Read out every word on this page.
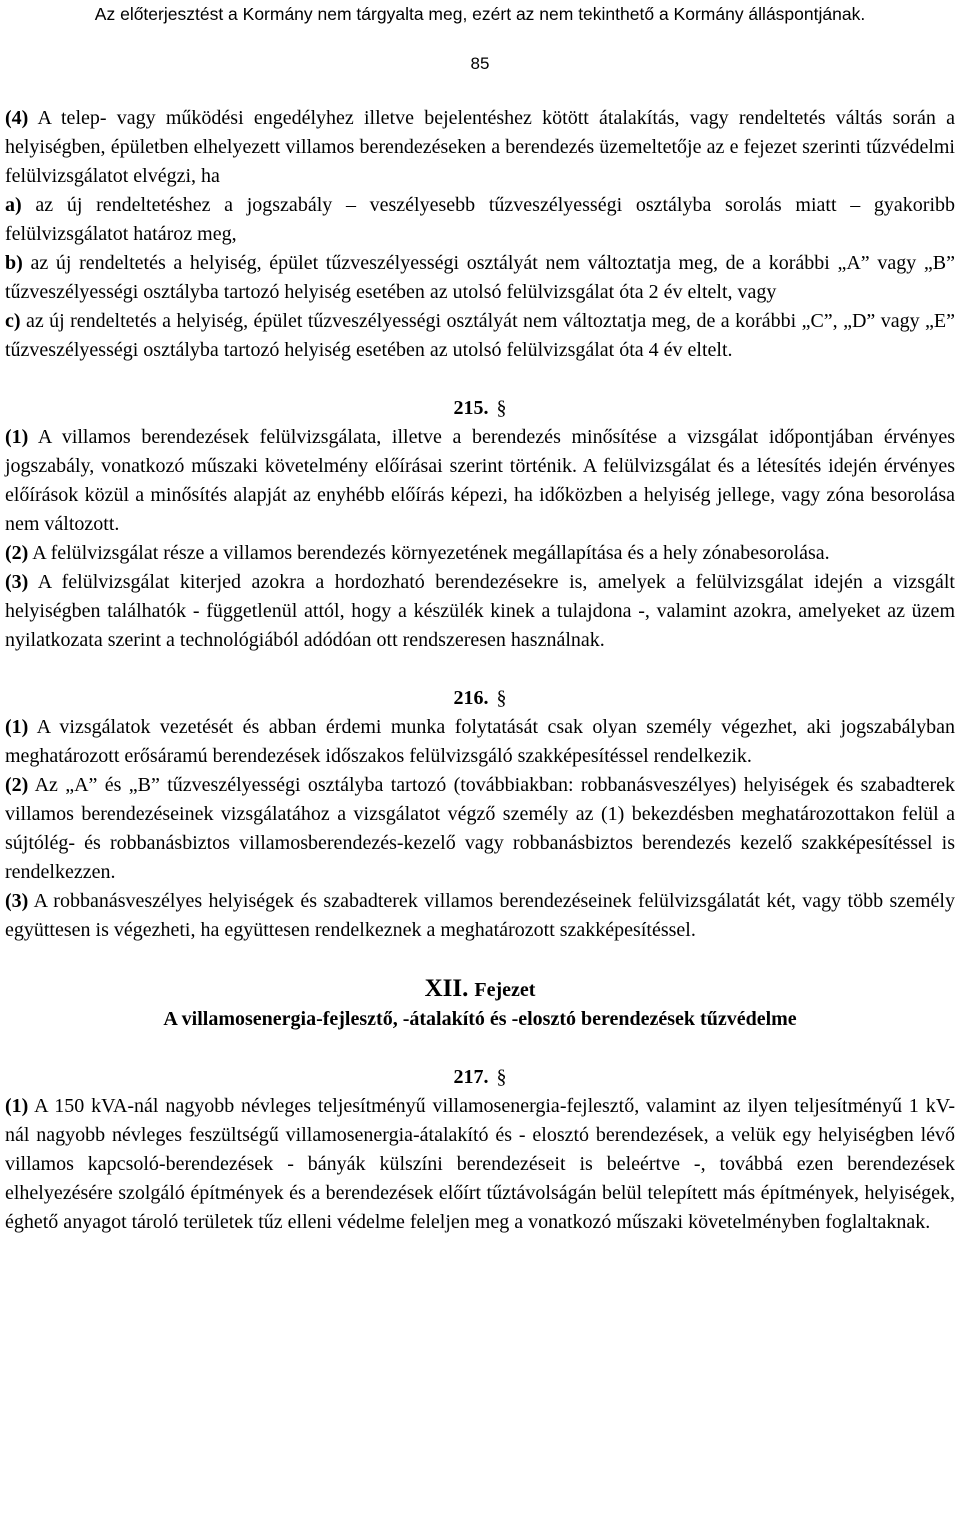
Az előterjesztést a Kormány nem tárgyalta meg, ezért az nem tekinthető a Kormány álláspontjának.
85

(4) A telep- vagy működési engedélyhez illetve bejelentéshez kötött átalakítás, vagy rendeltetés váltás során a helyiségben, épületben elhelyezett villamos berendezéseken a berendezés üzemeltetője az e fejezet szerinti tűzvédelmi felülvizsgálatot elvégzi, ha

a) az új rendeltetéshez a jogszabály – veszélyesebb tűzveszélyességi osztályba sorolás miatt – gyakoribb felülvizsgálatot határoz meg,

b) az új rendeltetés a helyiség, épület tűzveszélyességi osztályát nem változtatja meg, de a korábbi „A” vagy „B” tűzveszélyességi osztályba tartozó helyiség esetében az utolsó felülvizsgálat óta 2 év eltelt, vagy

c) az új rendeltetés a helyiség, épület tűzveszélyességi osztályát nem változtatja meg, de a korábbi „C”, „D” vagy „E” tűzveszélyességi osztályba tartozó helyiség esetében az utolsó felülvizsgálat óta 4 év eltelt.

215. §

(1) A villamos berendezések felülvizsgálata, illetve a berendezés minősítése a vizsgálat időpontjában érvényes jogszabály, vonatkozó műszaki követelmény előírásai szerint történik. A felülvizsgálat és a létesítés idején érvényes előírások közül a minősítés alapját az enyhébb előírás képezi, ha időközben a helyiség jellege, vagy zóna besorolása nem változott.

(2) A felülvizsgálat része a villamos berendezés környezetének megállapítása és a hely zónabesorolása.

(3) A felülvizsgálat kiterjed azokra a hordozható berendezésekre is, amelyek a felülvizsgálat idején a vizsgált helyiségben találhatók - függetlenül attól, hogy a készülék kinek a tulajdona -, valamint azokra, amelyeket az üzem nyilatkozata szerint a technológiából adódóan ott rendszeresen használnak.

216. §

(1) A vizsgálatok vezetését és abban érdemi munka folytatását csak olyan személy végezhet, aki jogszabályban meghatározott erősáramú berendezések időszakos felülvizsgáló szakképesítéssel rendelkezik.

(2) Az „A” és „B” tűzveszélyességi osztályba tartozó (továbbiakban: robbanásveszélyes) helyiségek és szabadterek villamos berendezéseinek vizsgálatához a vizsgálatot végző személy az (1) bekezdésben meghatározottakon felül a sújtólég- és robbanásbiztos villamosberendezés-kezelő vagy robbanásbiztos berendezés kezelő szakképesítéssel is rendelkezzen.

(3) A robbanásveszélyes helyiségek és szabadterek villamos berendezéseinek felülvizsgálatát két, vagy több személy együttesen is végezheti, ha együttesen rendelkeznek a meghatározott szakképesítéssel.

XII. Fejezet

A villamosenergia-fejlesztő, -átalakító és -elosztó berendezések tűzvédelme

217. §

(1) A 150 kVA-nál nagyobb névleges teljesítményű villamosenergia-fejlesztő, valamint az ilyen teljesítményű 1 kV-nál nagyobb névleges feszültségű villamosenergia-átalakító és - elosztó berendezések, a velük egy helyiségben lévő villamos kapcsoló-berendezések - bányák külszíni berendezéseit is beleértve -, továbbá ezen berendezések elhelyezésére szolgáló építmények és a berendezések előírt tűztávolságán belül telepített más építmények, helyiségek, éghető anyagot tároló területek tűz elleni védelme feleljen meg a vonatkozó műszaki követelményben foglaltaknak.
